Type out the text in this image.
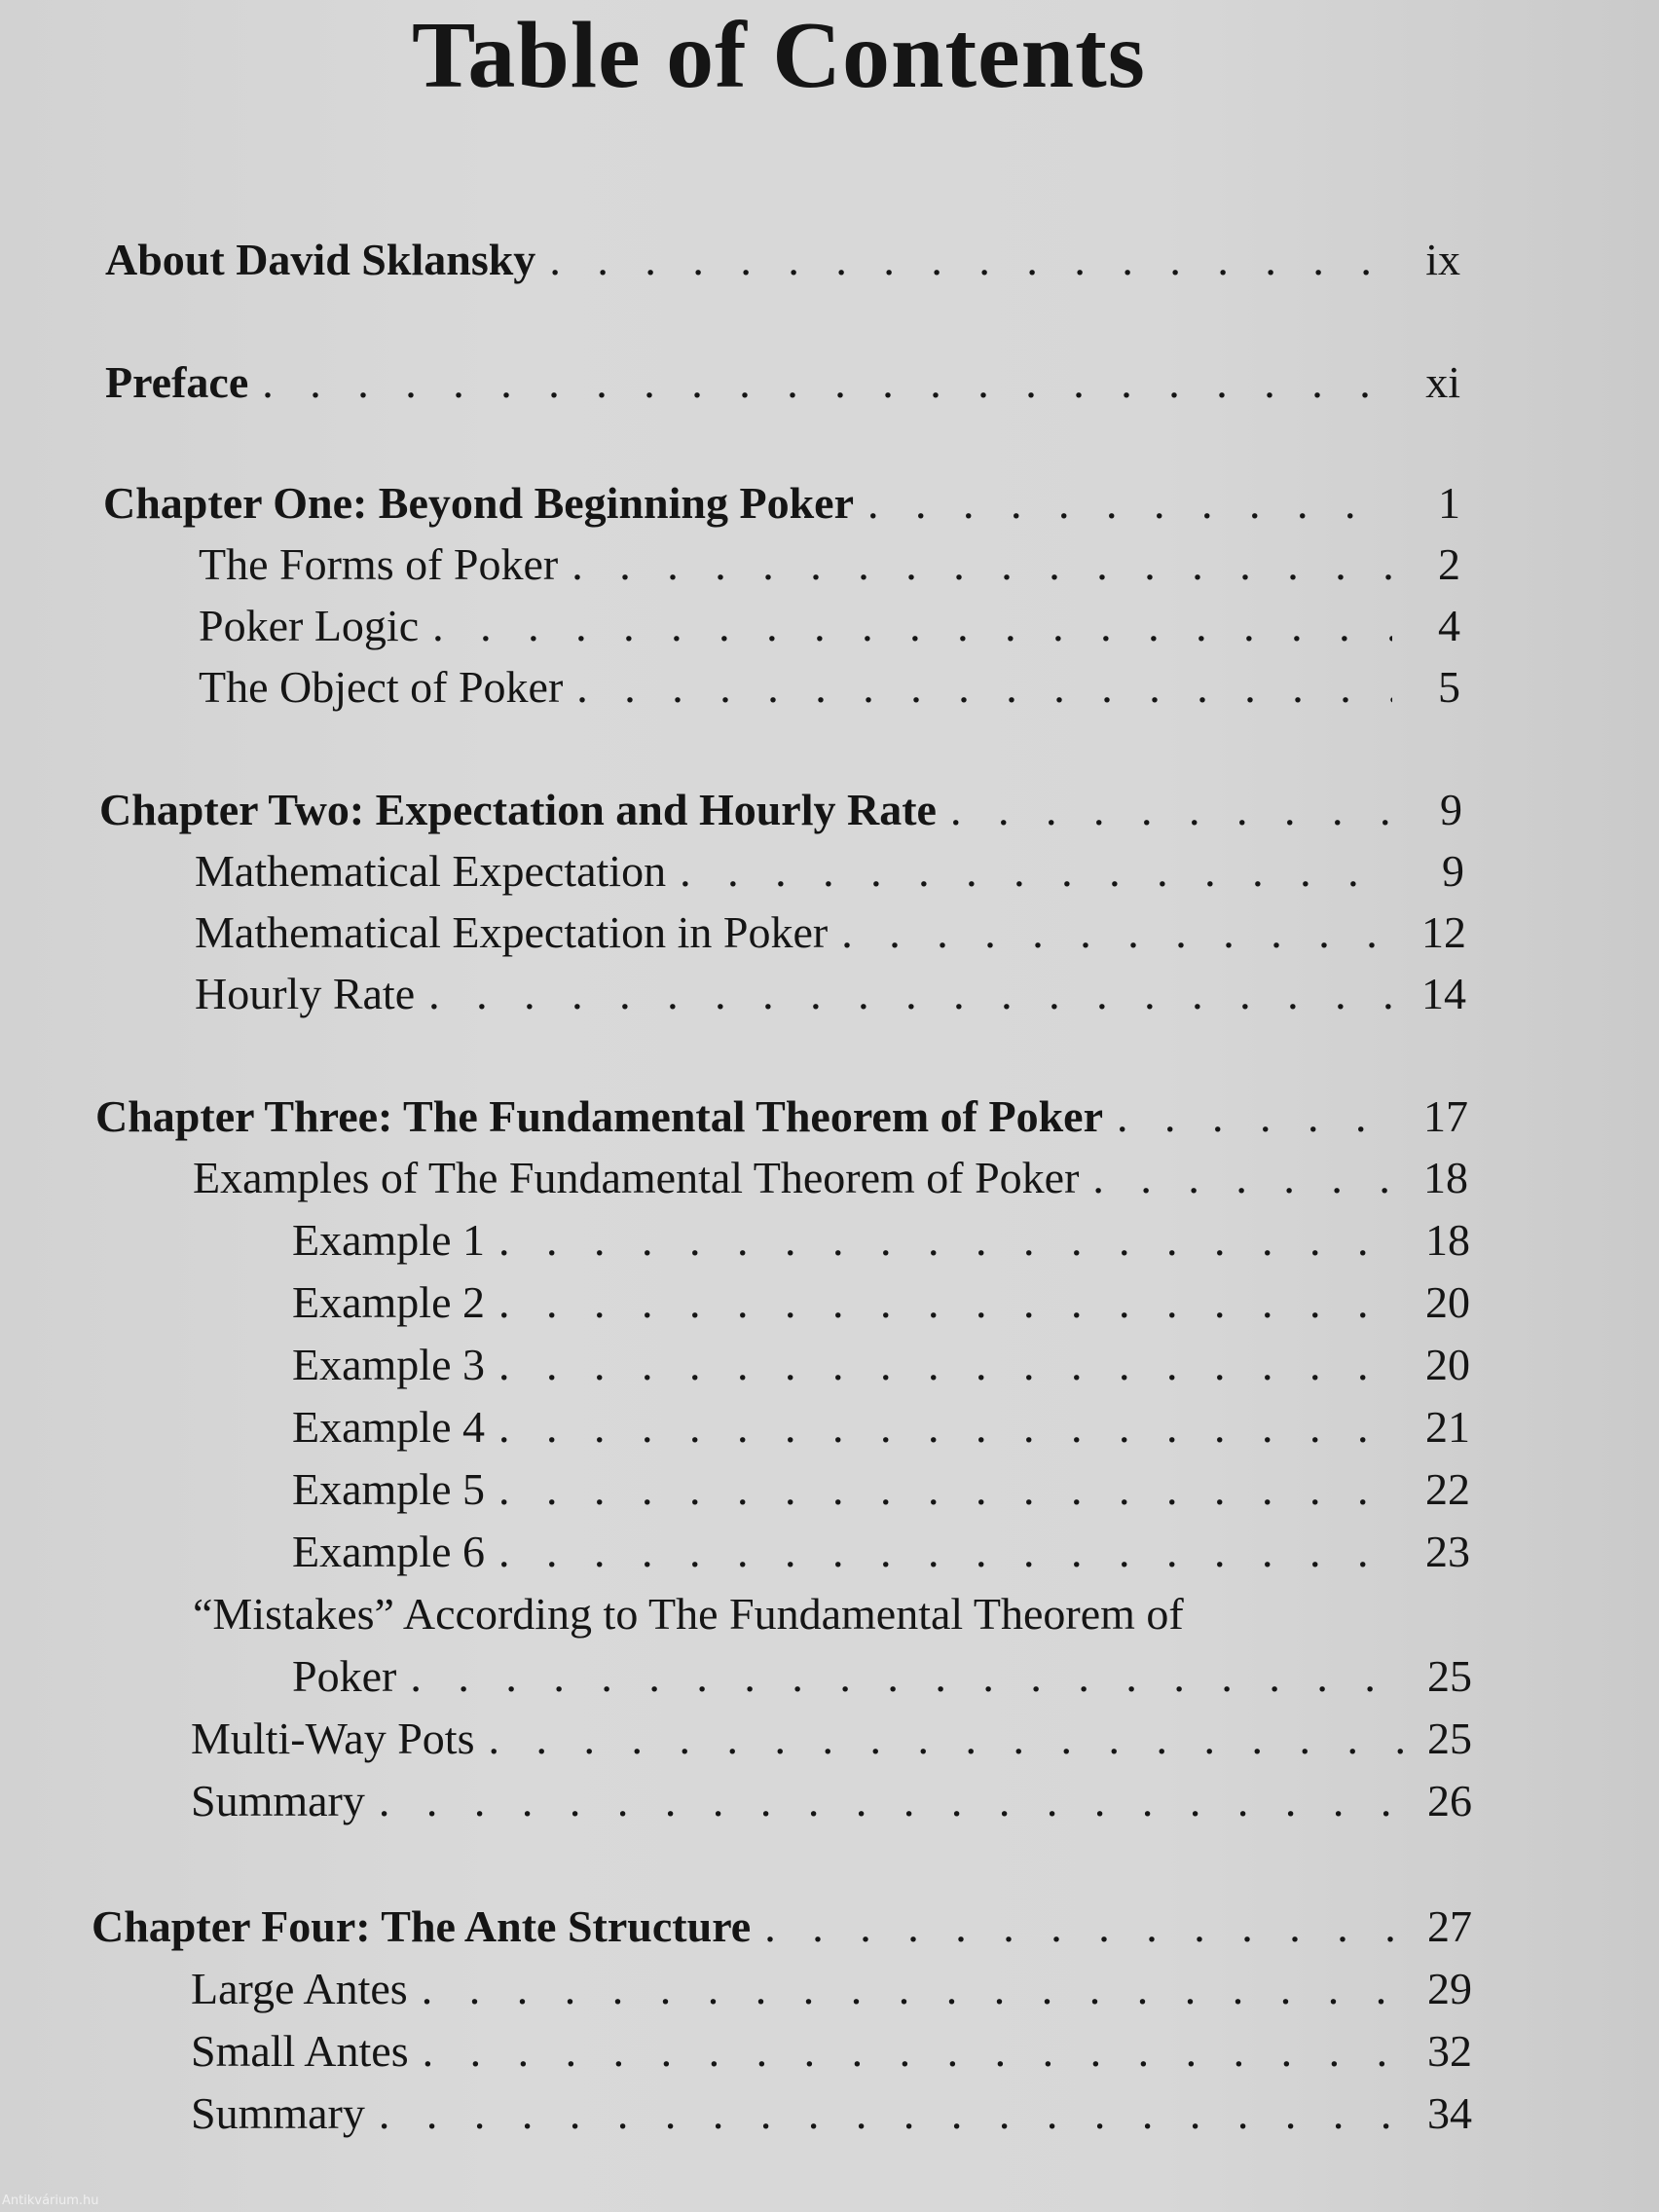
Table of Contents
About David Sklansky . . .	ix
Preface . . .	xi
Chapter One: Beyond Beginning Poker . . .	1
The Forms of Poker . . .	2
Poker Logic . . .	4
The Object of Poker . . .	5
Chapter Two: Expectation and Hourly Rate . . .	9
Mathematical Expectation . . .	9
Mathematical Expectation in Poker . . .	12
Hourly Rate . . .	14
Chapter Three: The Fundamental Theorem of Poker . . .	17
Examples of The Fundamental Theorem of Poker . . .	18
Example 1 . . .	18
Example 2 . . .	20
Example 3 . . .	20
Example 4 . . .	21
Example 5 . . .	22
Example 6 . . .	23
“Mistakes” According to The Fundamental Theorem of
Poker . . .	25
Multi-Way Pots . . .	25
Summary . . .	26
Chapter Four: The Ante Structure . . .	27
Large Antes . . .	29
Small Antes . . .	32
Summary . . .	34
Antikvárium.hu
